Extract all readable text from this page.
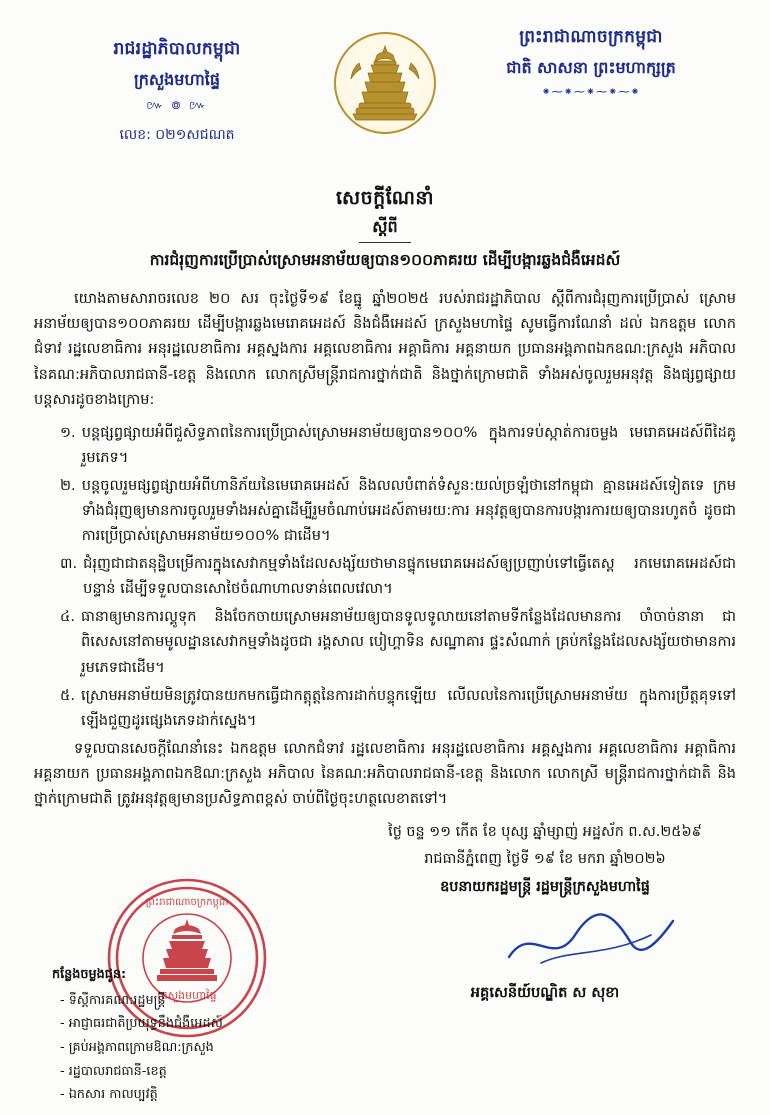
រាជរដ្ឋាភិបាលកម្ពុជា
ក្រសួងមហាផ្ទៃ
៚ ៙ ៚
លេខ: ០២១សជណត
ព្រះរាជាណាចក្រកម្ពុជា
ជាតិ សាសនា ព្រះមហាក្សត្រ
⁕⁓⁕⁓⁕⁓⁕⁓⁕
សេចក្ដីណែនាំ
ស្ដីពី
ការជំរុញការប្រើប្រាស់ស្រោមអនាម័យឲ្យបាន១០០ភាគរយ ដើម្បីបង្ការឆ្លងជំងឺអេដស៍

យោងតាមសារាចរលេខ ២០ សរ ចុះថ្ងៃទី១៩ ខែធ្នូ ឆ្នាំ២០២៥ របស់រាជរដ្ឋាភិបាល ស្ដីពីការជំរុញការប្រើប្រាស់ ស្រោមអនាម័យឲ្យបាន១០០ភាគរយ ដើម្បីបង្ការឆ្លងមេរោគអេដស៍ និងជំងឺអេដស៍ ក្រសួងមហាផ្ទៃ សូមធ្វើការណែនាំ ដល់ ឯកឧត្ដម លោកជំទាវ រដ្ឋលេខាធិការ អនុរដ្ឋលេខាធិការ អគ្គស្នងការ អគ្គលេខាធិការ អគ្គាធិការ អគ្គនាយក ប្រធានអង្គភាពឯកឧណ:ក្រសួង អភិបាល នៃគណ:អភិបាលរាជធានី-ខេត្ត និងលោក លោកស្រីមន្ត្រីរាជការថ្នាក់ជាតិ និងថ្នាក់ក្រោមជាតិ ទាំងអស់ចូលរួមអនុវត្ត និងផ្សព្វផ្សាយបន្តសារដូចខាងក្រោម:

១. បន្តផ្សព្វផ្សាយអំពីជួសិទ្ធភាពនៃការប្រើប្រាស់ស្រោមអនាម័យឲ្យបាន១០០% ក្នុងការទប់ស្កាត់ការចម្លង មេរោគអេដស៍ពីដៃគូរួមភេទ។
២. បន្តចូលរួមផ្សព្វផ្សាយអំពីហានិភ័យនៃមេរោគអេដស៍ និងលលបំពាត់ទំសួន:យល់ច្រឡំថានៅកម្ពុជា គ្មានអេដស៍ទៀតទេ ក្រមទាំងជំរុញឲ្យមានការចូលរួមទាំងអស់គ្នាដើម្បីរួមចំណាប់អេដស៍តាមរយ:ការ អនុវត្តឲ្យបានការបង្ការការយឲ្យបានរហូតចំ ដូចជាការប្រើប្រាស់ស្រោមអនាម័យ១០០% ជាដើម។
៣. ជំរុញជាជាតនុដ្ឋិបម្រើការក្នុងសេវាកម្មទាំងដែលសង្ស័យថាមានផ្ទុកមេរោគអេដស៍ឲ្យប្រញាប់ទៅធ្វើតេស្ត រកមេរោគអេដស៍ជាបន្ទាន់ ដើម្បីទទួលបានសោថៃចំណាហាលទាន់ពេលវេលា។
៤. ធានាឲ្យមានការល្គូទុក និងចែកចាយស្រោមអនាម័យឲ្យបានទូលទូលាយនៅតាមទីកន្លែងដែលមានការ ចាំចាច់នានា ជាពិសេសនៅតាមមូលដ្ឋានសេវាកម្មទាំងដូចជា រង្គសាល បៀហ្គាទិន សណ្ឋាគារ ផ្ទះសំណាក់ គ្រប់កន្លែងដែលសង្ស័យថាមានការរួមភេទជាដើម។
៥. ស្រោមអនាម័យមិនត្រូវបានយកមកធ្វើជាកត្តុត្តនៃការដាក់បន្ទុកឡើយ លើលលនៃការប្រើស្រោមអនាម័យ ក្នុងការប្រឹត្តគុទទៅឡើងជួញដូរផ្សេងភេទដាក់ស្នេង។

ទទួលបានសេចក្ដីណែនាំនេះ ឯកឧត្ដម លោកជំទាវ រដ្ឋលេខាធិការ អនុរដ្ឋលេខាធិការ អគ្គស្នងការ អគ្គលេខាធិការ អគ្គាធិការ អគ្គនាយក ប្រធានអង្គភាពឯកឱណ:ក្រសួង អភិបាល នៃគណ:អភិបាលរាជធានី-ខេត្ត និងលោក លោកស្រី មន្ត្រីរាជការថ្នាក់ជាតិ និងថ្នាក់ក្រោមជាតិ ត្រូវអនុវត្តឲ្យមានប្រសិទ្ធភាពខ្ពស់ ចាប់ពីថ្ងៃចុះហត្ថលេខាតទៅ។

ថ្ងៃ ចន្ទ ១១ កើត ខែ បុស្ស ឆ្នាំម្សាញ់ អដ្ឋស័ក ព.ស.២៥៦៩
រាជធានីភ្នំពេញ ថ្ងៃទី ១៩ ខែ មករា ឆ្នាំ២០២៦
ឧបនាយករដ្ឋមន្ត្រី រដ្ឋមន្ត្រីក្រសួងមហាផ្ទៃ
អគ្គសេនីយ៍បណ្ឌិត ស សុខា
ក្រសួងមហាផ្ទៃ
ព្រះរាជាណាចក្រកម្ពុជា
កន្លែងចម្លងជូន:
- ទីស្ដីការគណ:រដ្ឋមន្ត្រី
- អាជ្ញាធរជាតិប្រយុទ្ធនឹងជំងឺអេដស៍
- គ្រប់អង្គភាពក្រោមឱណ:ក្រសួង
- រដ្ឋបាលរាជធានី-ខេត្ត
- ឯកសារ កាលប្បវត្តិ
